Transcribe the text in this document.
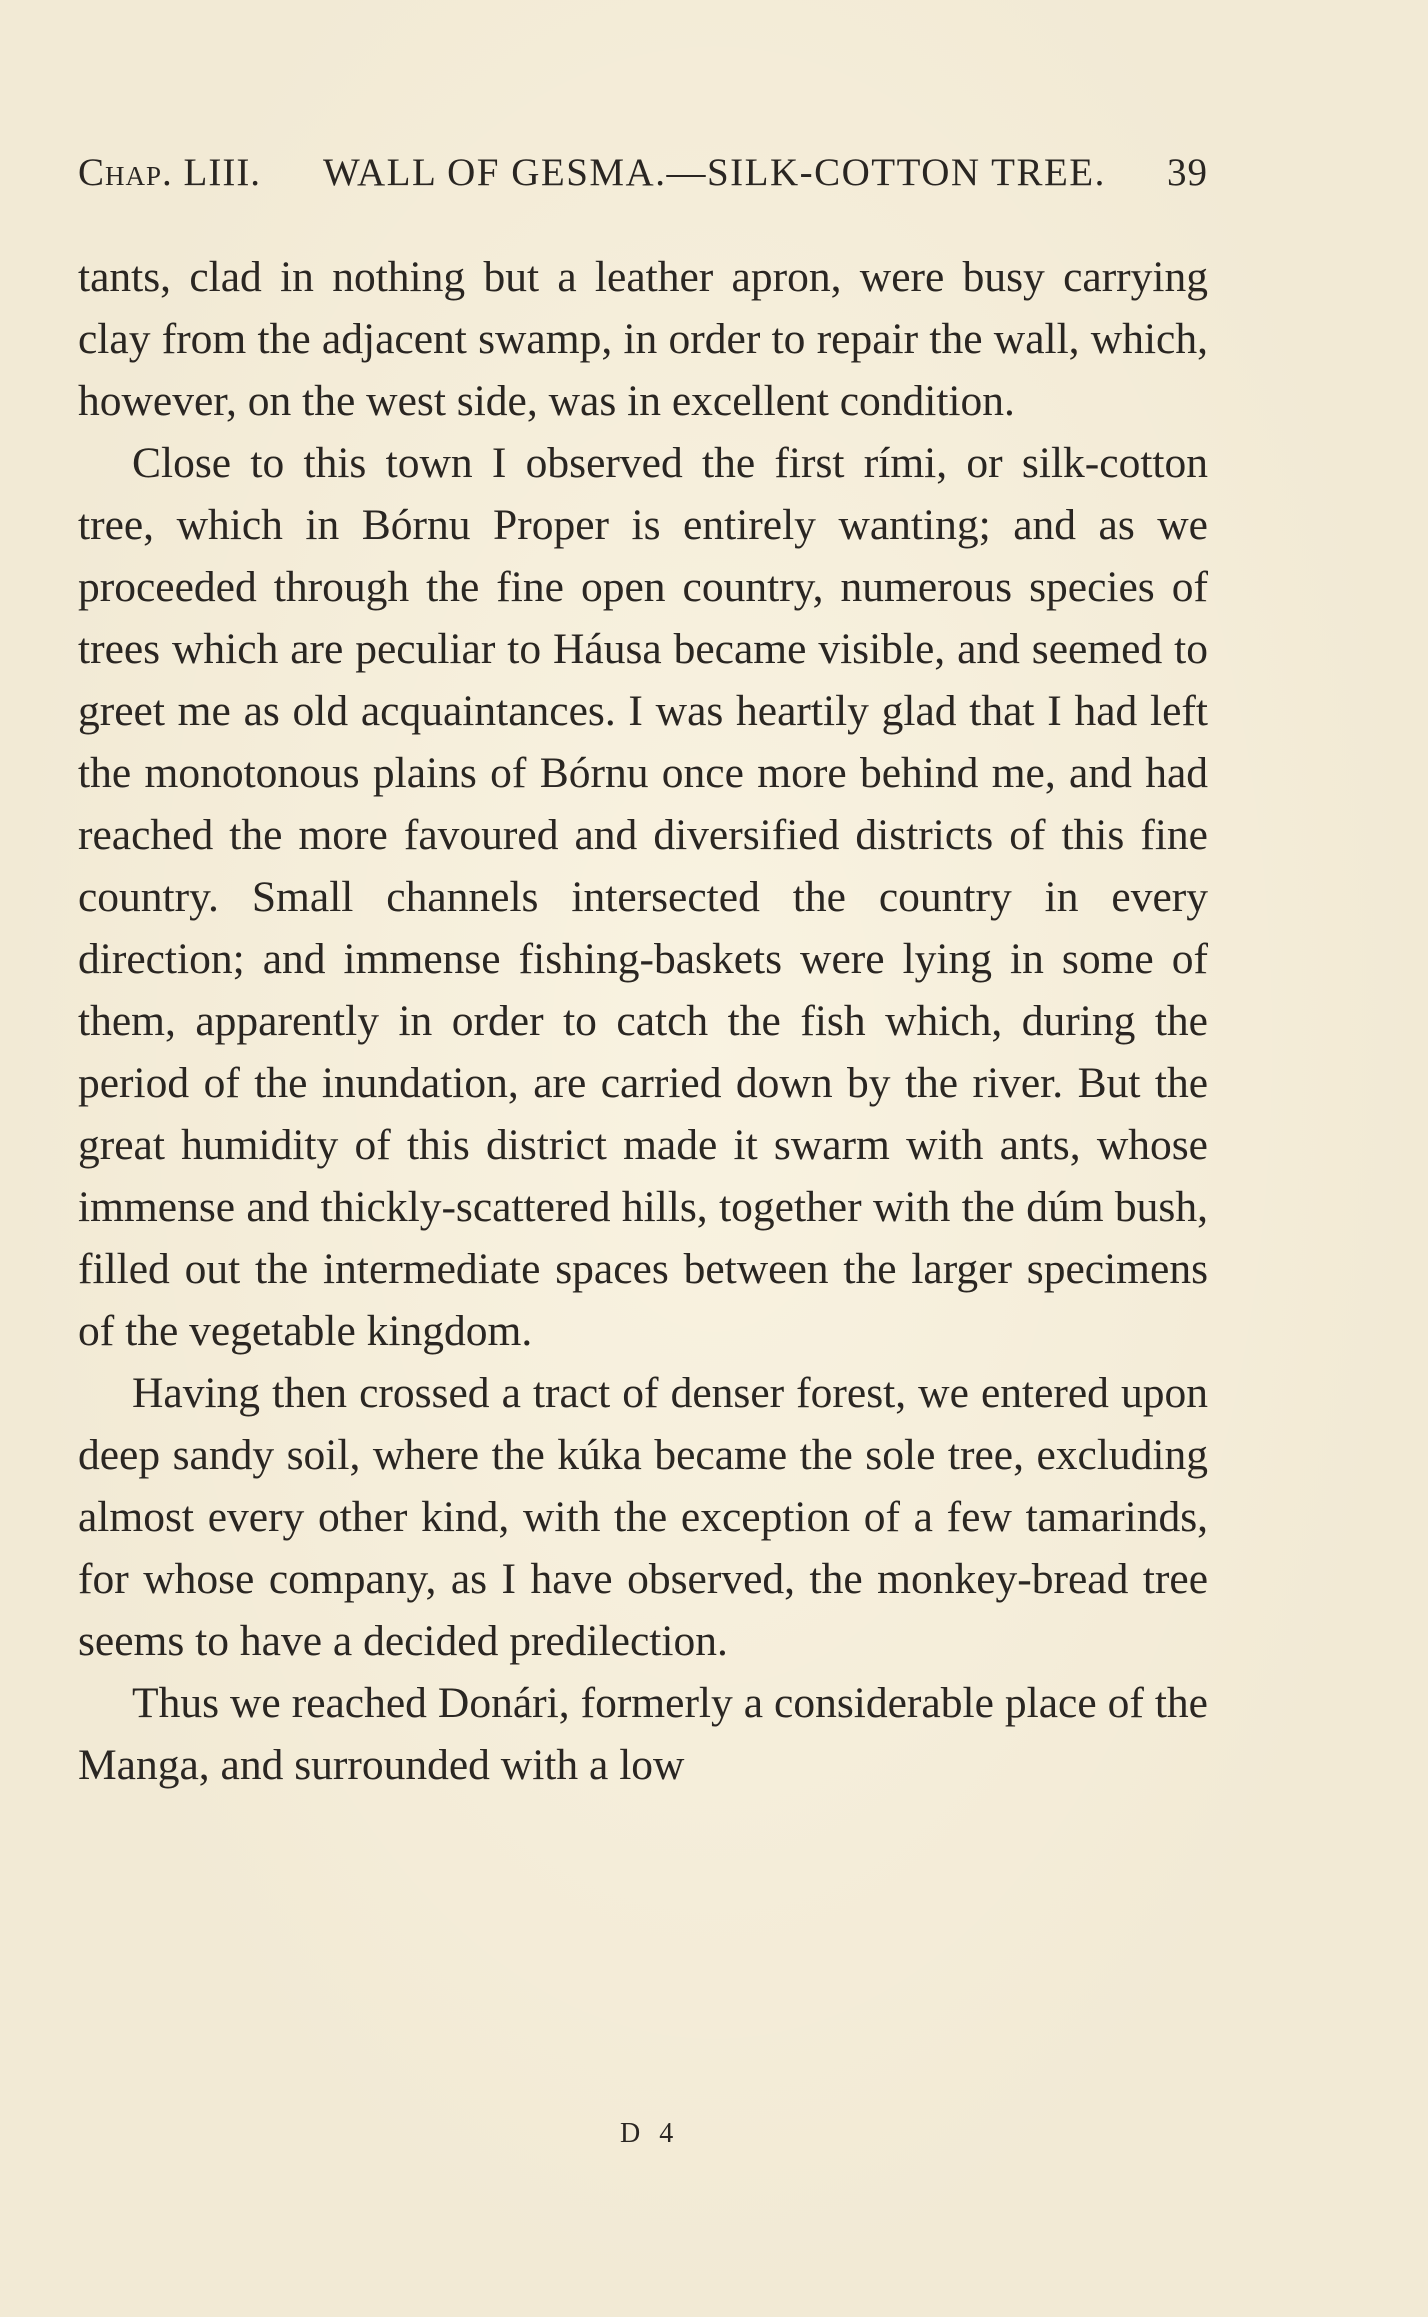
Chap. LIII. WALL OF GESMA.—SILK-COTTON TREE. 39

tants, clad in nothing but a leather apron, were busy carrying clay from the adjacent swamp, in order to repair the wall, which, however, on the west side, was in excellent condition.

Close to this town I observed the first rími, or silk-cotton tree, which in Bórnu Proper is entirely wanting; and as we proceeded through the fine open country, numerous species of trees which are peculiar to Háusa became visible, and seemed to greet me as old acquaintances. I was heartily glad that I had left the monotonous plains of Bórnu once more behind me, and had reached the more favoured and diversified districts of this fine country. Small channels intersected the country in every direction; and immense fishing-baskets were lying in some of them, apparently in order to catch the fish which, during the period of the inundation, are carried down by the river. But the great humidity of this district made it swarm with ants, whose immense and thickly-scattered hills, together with the dúm bush, filled out the intermediate spaces between the larger specimens of the vegetable kingdom.

Having then crossed a tract of denser forest, we entered upon deep sandy soil, where the kúka became the sole tree, excluding almost every other kind, with the exception of a few tamarinds, for whose company, as I have observed, the monkey-bread tree seems to have a decided predilection.

Thus we reached Donári, formerly a considerable place of the Manga, and surrounded with a low

D 4
